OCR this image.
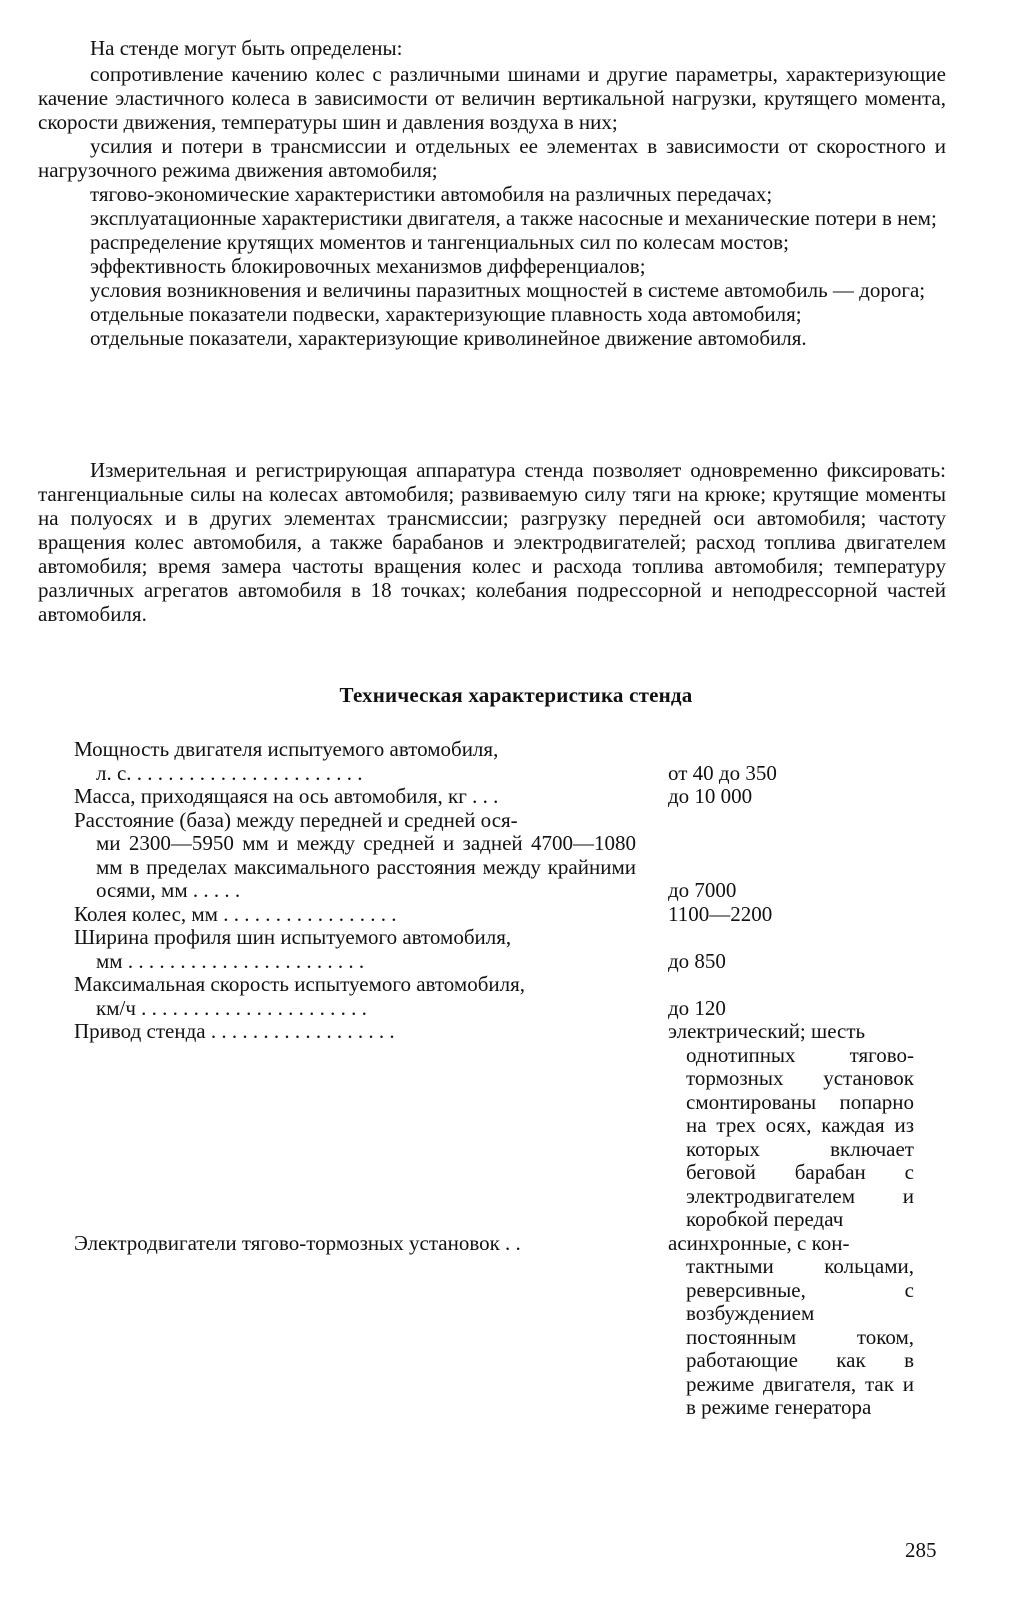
На стенде могут быть определены:
сопротивление качению колес с различными шинами и другие параметры, характеризующие качение эластичного колеса в зависимости от величин вертикальной нагрузки, крутящего момента, скорости движения, температуры шин и давления воздуха в них;
усилия и потери в трансмиссии и отдельных ее элементах в зависимости от скоростного и нагрузочного режима движения автомобиля;
тягово-экономические характеристики автомобиля на различных передачах;
эксплуатационные характеристики двигателя, а также насосные и механические потери в нем;
распределение крутящих моментов и тангенциальных сил по колесам мостов;
эффективность блокировочных механизмов дифференциалов;
условия возникновения и величины паразитных мощностей в системе автомобиль — дорога;
отдельные показатели подвески, характеризующие плавность хода автомобиля;
отдельные показатели, характеризующие криволинейное движение автомобиля.
Измерительная и регистрирующая аппаратура стенда позволяет одновременно фиксировать: тангенциальные силы на колесах автомобиля; развиваемую силу тяги на крюке; крутящие моменты на полуосях и в других элементах трансмиссии; разгрузку передней оси автомобиля; частоту вращения колес автомобиля, а также барабанов и электродвигателей; расход топлива двигателем автомобиля; время замера частоты вращения колес и расхода топлива автомобиля; температуру различных агрегатов автомобиля в 18 точках; колебания подрессорной и неподрессорной частей автомобиля.
Техническая характеристика стенда
Мощность двигателя испытуемого автомобиля,
л. с. . . . . . . . . . . . . . . . . . . . . . .	от 40 до 350
Масса, приходящаяся на ось автомобиля, кг . . .	до 10 000
Расстояние (база) между передней и средней ося-
ми 2300—5950 мм и между средней и задней 4700—1080 мм в пределах максимального расстояния между крайними осями, мм . . . . .	до 7000
Колея колес, мм . . . . . . . . . . . . . . . . .	1100—2200
Ширина профиля шин испытуемого автомобиля,
мм . . . . . . . . . . . . . . . . . . . . . . .	до 850
Максимальная скорость испытуемого автомобиля,
км/ч . . . . . . . . . . . . . . . . . . . . . .	до 120
Привод стенда . . . . . . . . . . . . . . . . . .	электрический; шесть
однотипных тягово-тормозных установок смонтированы попарно на трех осях, каждая из которых включает беговой барабан с электродвигателем и коробкой передач
Электродвигатели тягово-тормозных установок . .	асинхронные, с кон-
тактными кольцами, реверсивные, с возбуждением постоянным током, работающие как в режиме двигателя, так и в режиме генератора
285
